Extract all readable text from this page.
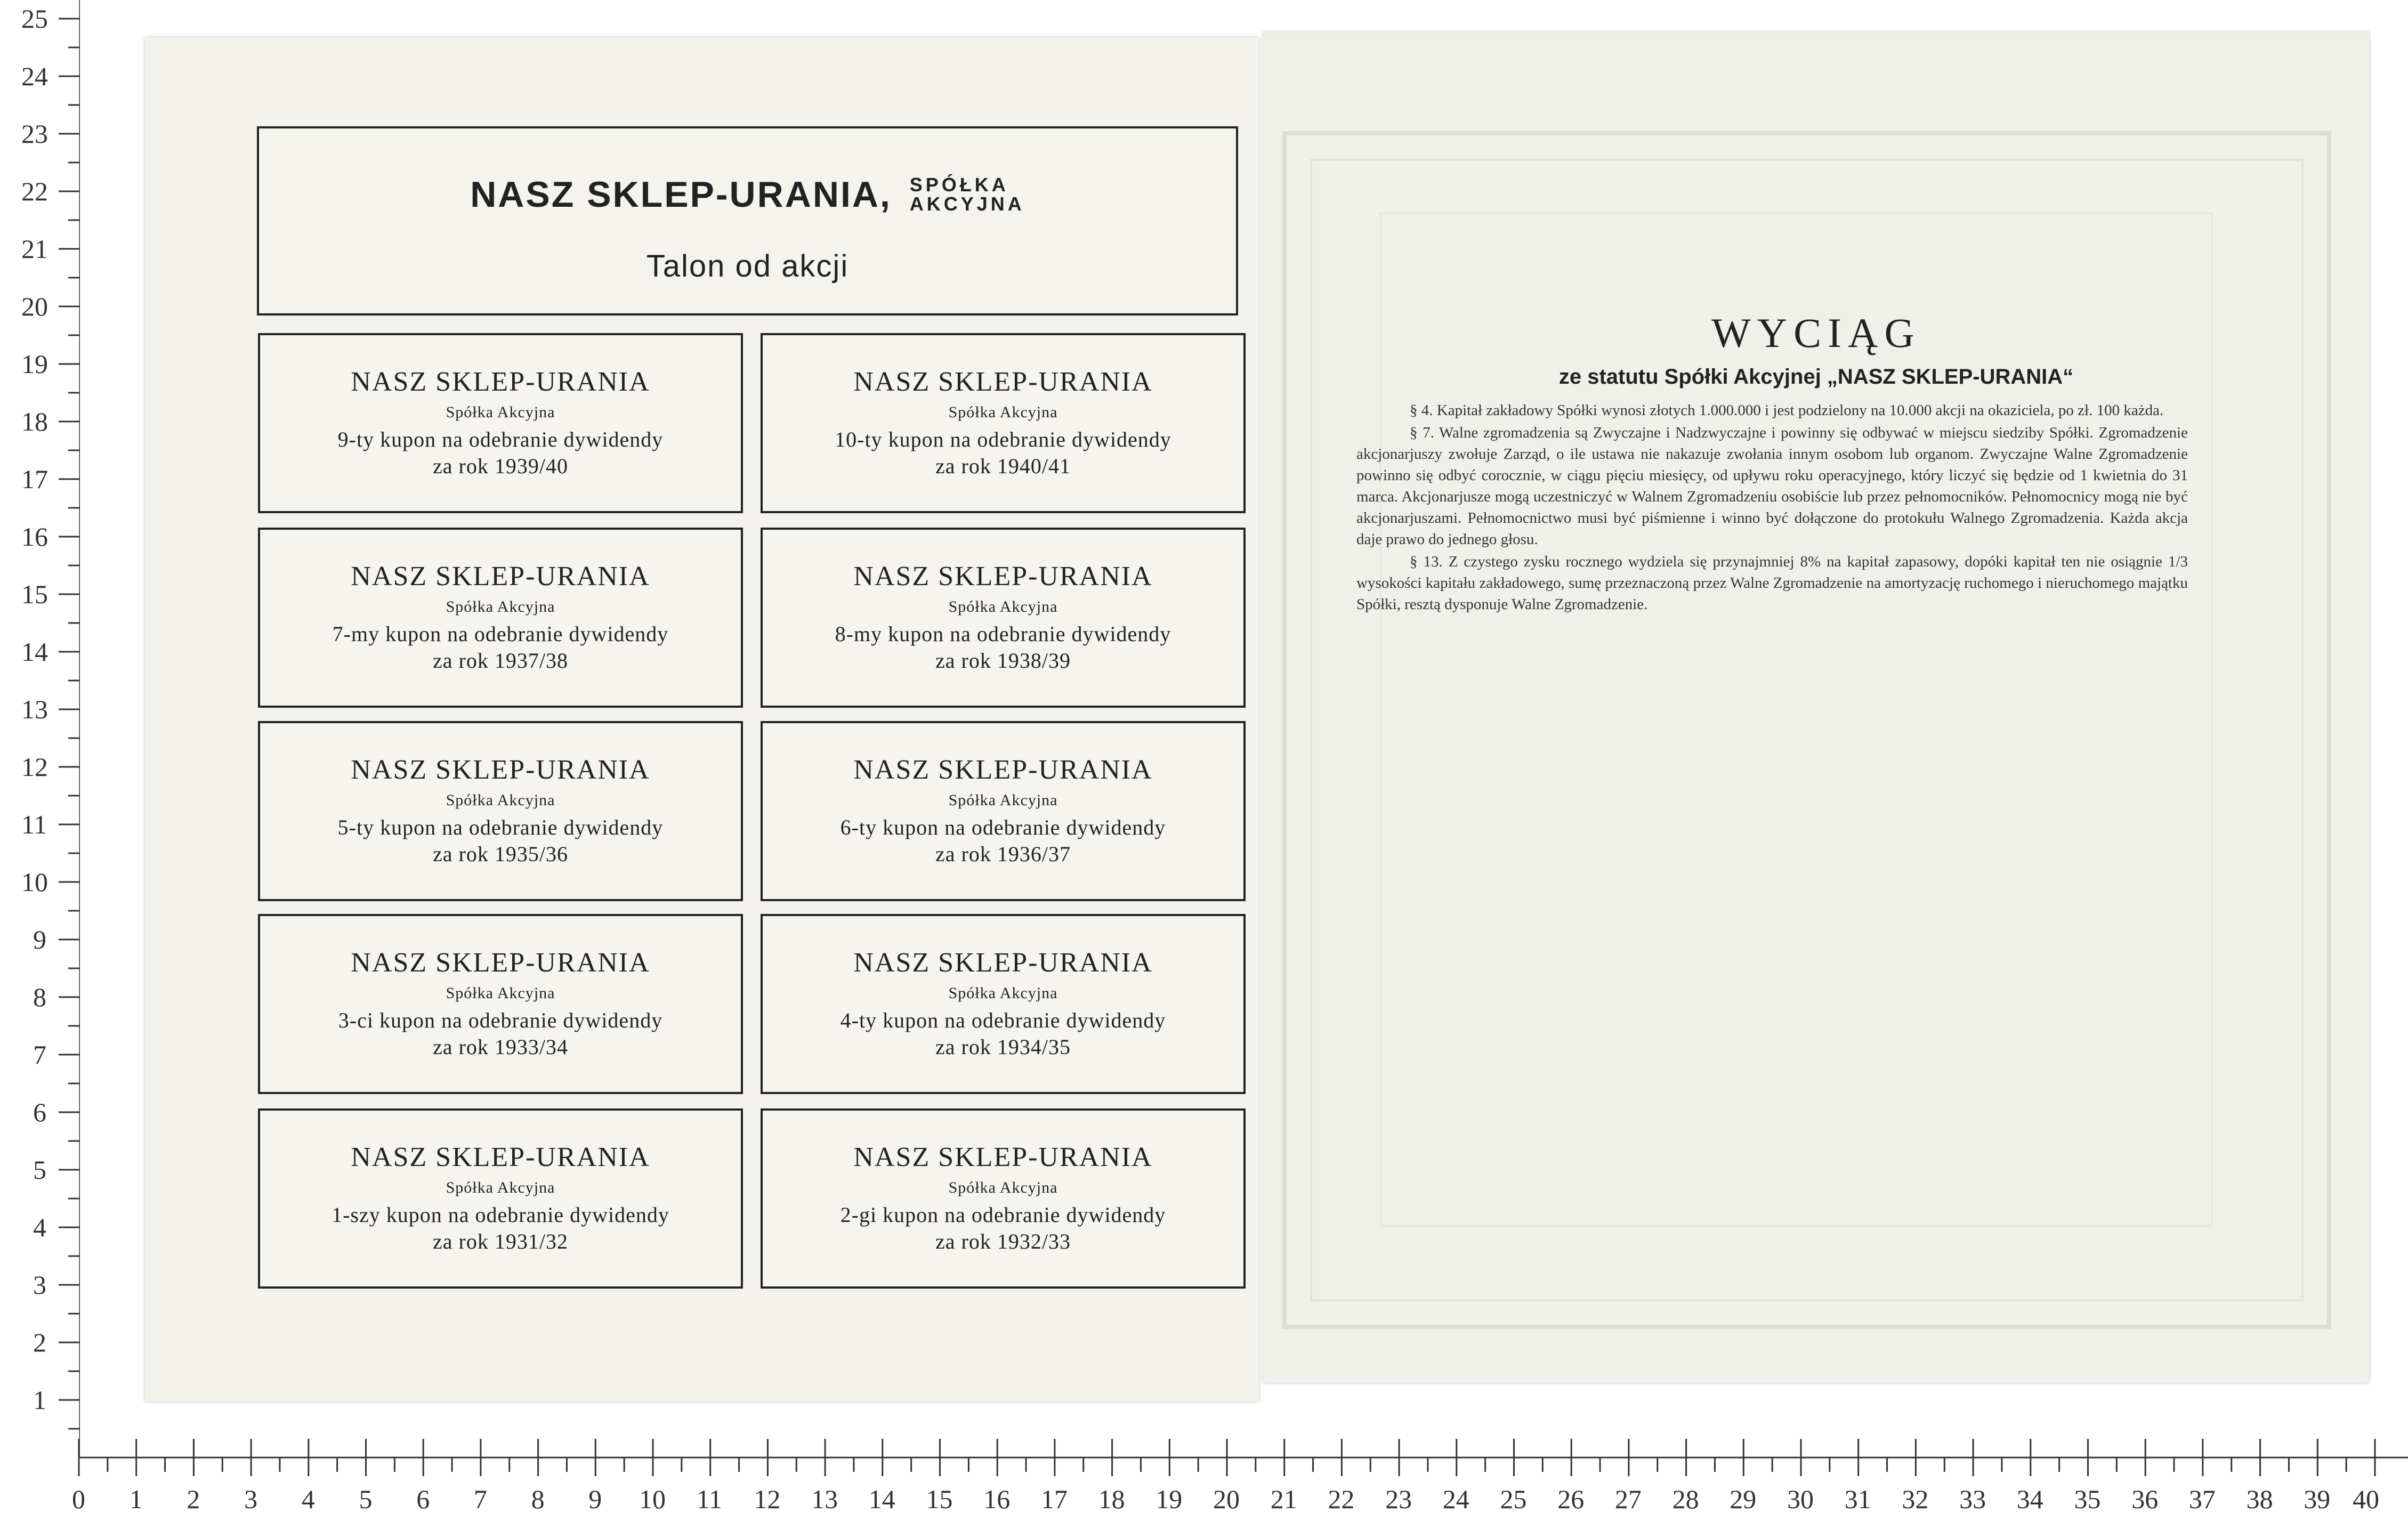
25
24
23
22
21
20
19
18
17
16
15
14
13
12
11
10
9
8
7
6
5
4
3
2
1
0 1 2 3 4 5 6 7 8 9 10 11 12 13 14 15 16 17 18 19 20 21 22 23 24 25 26 27 28 29 30 31 32 33 34 35 36 37 38 39 40
NASZ SKLEP-URANIA, SPÓŁKA
AKCYJNA
Talon od akcji
NASZ SKLEP-URANIA
Spółka Akcyjna
9-ty kupon na odebranie dywidendy
za rok 1939/40
NASZ SKLEP-URANIA
Spółka Akcyjna
10-ty kupon na odebranie dywidendy
za rok 1940/41
NASZ SKLEP-URANIA
Spółka Akcyjna
7-my kupon na odebranie dywidendy
za rok 1937/38
NASZ SKLEP-URANIA
Spółka Akcyjna
8-my kupon na odebranie dywidendy
za rok 1938/39
NASZ SKLEP-URANIA
Spółka Akcyjna
5-ty kupon na odebranie dywidendy
za rok 1935/36
NASZ SKLEP-URANIA
Spółka Akcyjna
6-ty kupon na odebranie dywidendy
za rok 1936/37
NASZ SKLEP-URANIA
Spółka Akcyjna
3-ci kupon na odebranie dywidendy
za rok 1933/34
NASZ SKLEP-URANIA
Spółka Akcyjna
4-ty kupon na odebranie dywidendy
za rok 1934/35
NASZ SKLEP-URANIA
Spółka Akcyjna
1-szy kupon na odebranie dywidendy
za rok 1931/32
NASZ SKLEP-URANIA
Spółka Akcyjna
2-gi kupon na odebranie dywidendy
za rok 1932/33
WYCIĄG
ze statutu Spółki Akcyjnej „NASZ SKLEP-URANIA“

§ 4. Kapitał zakładowy Spółki wynosi złotych 1.000.000 i jest podzielony na 10.000 akcji na okaziciela, po zł. 100 każda.

§ 7. Walne zgromadzenia są Zwyczajne i Nadzwyczajne i powinny się odbywać w miejscu siedziby Spółki. Zgromadzenie akcjonarjuszy zwołuje Zarząd, o ile ustawa nie nakazuje zwołania innym osobom lub organom. Zwyczajne Walne Zgromadzenie powinno się odbyć corocznie, w ciągu pięciu miesięcy, od upływu roku operacyjnego, który liczyć się będzie od 1 kwietnia do 31 marca. Akcjonarjusze mogą uczestniczyć w Walnem Zgromadzeniu osobiście lub przez pełnomocników. Pełnomocnicy mogą nie być akcjonarjuszami. Pełnomocnictwo musi być piśmienne i winno być dołączone do protokułu Walnego Zgromadzenia. Każda akcja daje prawo do jednego głosu.

§ 13. Z czystego zysku rocznego wydziela się przynajmniej 8% na kapitał zapasowy, dopóki kapitał ten nie osiągnie 1/3 wysokości kapitału zakładowego, sumę przeznaczoną przez Walne Zgromadzenie na amortyzację ruchomego i nieruchomego majątku Spółki, resztą dysponuje Walne Zgromadzenie.
